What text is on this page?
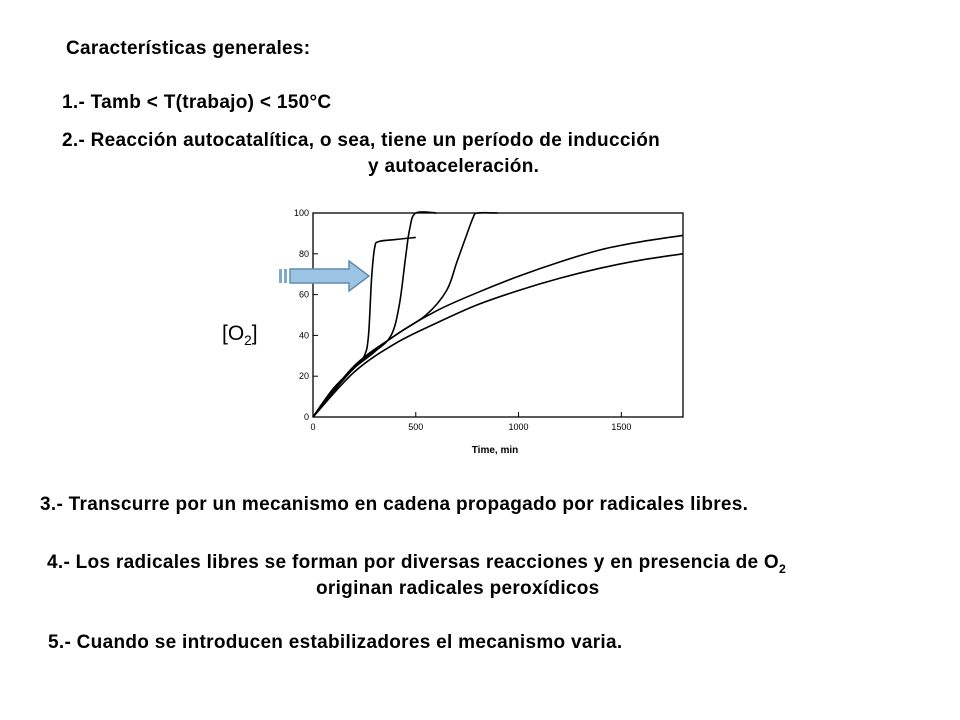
Características generales:
1.- Tamb < T(trabajo) < 150°C
2.- Reacción autocatalítica, o sea, tiene un período de inducción
y autoaceleración.
0	500	1000	1500
0
20
40
60
80
100
Time, min
$[O_2]$
3.- Transcurre por un mecanismo en cadena propagado por radicales libres.
4.- Los radicales libres se forman por diversas reacciones y en presencia de $O_2$
originan radicales peroxídicos
5.- Cuando se introducen estabilizadores el mecanismo varia.
